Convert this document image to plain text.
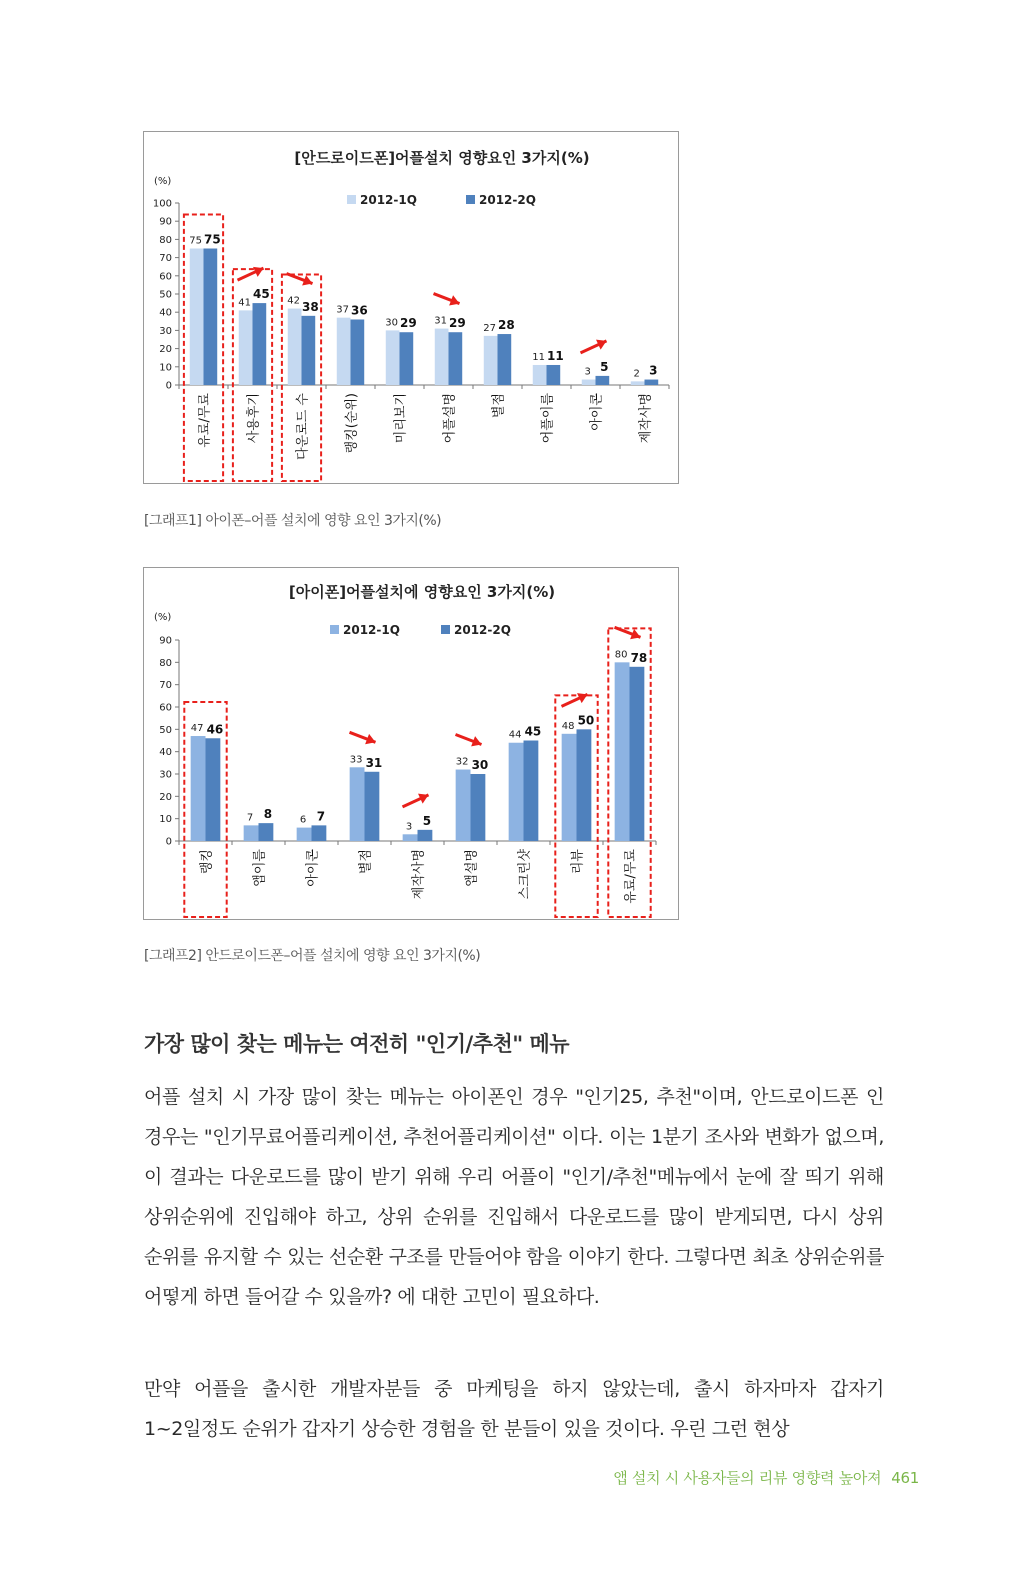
[안드로이드폰]어플설치 영향요인 3가지(%)
(%)
2012-1Q	2012-2Q
0
10
20
30
40
50
60
70
80
90
100
75 75
유료/무료
41
45
사용후기
42 38
다운로드 수
37 36
랭킹(순위)
30 29
미리보기
31 29
어플설명
27 28
별점
11 11
어플이름
3 5
아이콘
2 3
제작사명
[그래프1] 아이폰–어플 설치에 영향 요인 3가지(%)
[아이폰]어플설치에 영향요인 3가지(%)
(%)
2012-1Q	2012-2Q
0
10
20
30
40
50
60
70
80
90
47 46
랭킹
7 8
앱이름
6 7
아이콘
33 31
별점
3 5
제작사명
32 30
앱설명
44 45
스크린샷
48 50
리뷰
80 78
유료/무료
[그래프2] 안드로이드폰–어플 설치에 영향 요인 3가지(%)
가장 많이 찾는 메뉴는 여전히 "인기/추천" 메뉴
어플 설치 시 가장 많이 찾는 메뉴는 아이폰인 경우 "인기25, 추천"이며, 안드로이드폰 인 경우는 "인기무료어플리케이션, 추천어플리케이션" 이다. 이는 1분기 조사와 변화가 없으며, 이 결과는 다운로드를 많이 받기 위해 우리 어플이 "인기/추천"메뉴에서 눈에 잘 띄기 위해 상위순위에 진입해야 하고, 상위 순위를 진입해서 다운로드를 많이 받게되면, 다시 상위 순위를 유지할 수 있는 선순환 구조를 만들어야 함을 이야기 한다. 그렇다면 최초 상위순위를 어떻게 하면 들어갈 수 있을까? 에 대한 고민이 필요하다.
만약 어플을 출시한 개발자분들 중 마케팅을 하지 않았는데, 출시 하자마자 갑자기 1~2일정도 순위가 갑자기 상승한 경험을 한 분들이 있을 것이다. 우린 그런 현상
앱 설치 시 사용자들의 리뷰 영향력 높아져 461
